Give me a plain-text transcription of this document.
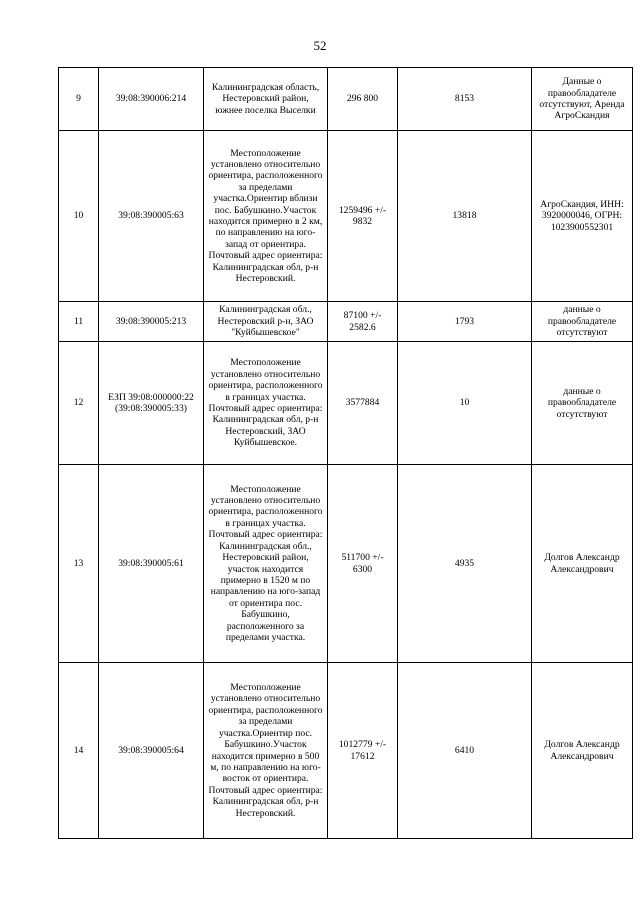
52
9	39:08:390006:214	Калининградская область, Нестеровский район, южнее поселка Выселки	296 800	8153	Данные о правообладателе отсутствуют, Аренда АгроСкандия
10	39:08:390005:63	Местоположение установлено относительно ориентира, расположенного за пределами участка.Ориентир вблизи пос. Бабушкино.Участок находится примерно в 2 км, по направлению на юго-запад от ориентира. Почтовый адрес ориентира: Калининградская обл, р-н Нестеровский.	1259496 +/- 9832	13818	АгроСкандия, ИНН: 3920000046, ОГРН: 1023900552301
11	39:08:390005:213	Калининградская обл., Нестеровский р-н, ЗАО "Куйбышевское"	87100 +/- 2582.6	1793	данные о правообладателе отсутствуют
12	ЕЗП 39:08:000000:22 (39:08:390005:33)	Местоположение установлено относительно ориентира, расположенного в границах участка. Почтовый адрес ориентира: Калининградская обл, р-н Нестеровский, ЗАО Куйбышевское.	3577884	10	данные о правообладателе отсутствуют
13	39:08:390005:61	Местоположение установлено относительно ориентира, расположенного в границах участка. Почтовый адрес ориентира: Калининградская обл., Нестеровский район, участок находится примерно в 1520 м по направлению на юго-запад от ориентира пос. Бабушкино, расположенного за пределами участка.	511700 +/- 6300	4935	Долгов Александр Александрович
14	39:08:390005:64	Местоположение установлено относительно ориентира, расположенного за пределами участка.Ориентир пос. Бабушкино.Участок находится примерно в 500 м, по направлению на юго-восток от ориентира. Почтовый адрес ориентира: Калининградская обл, р-н Нестеровский.	1012779 +/- 17612	6410	Долгов Александр Александрович
